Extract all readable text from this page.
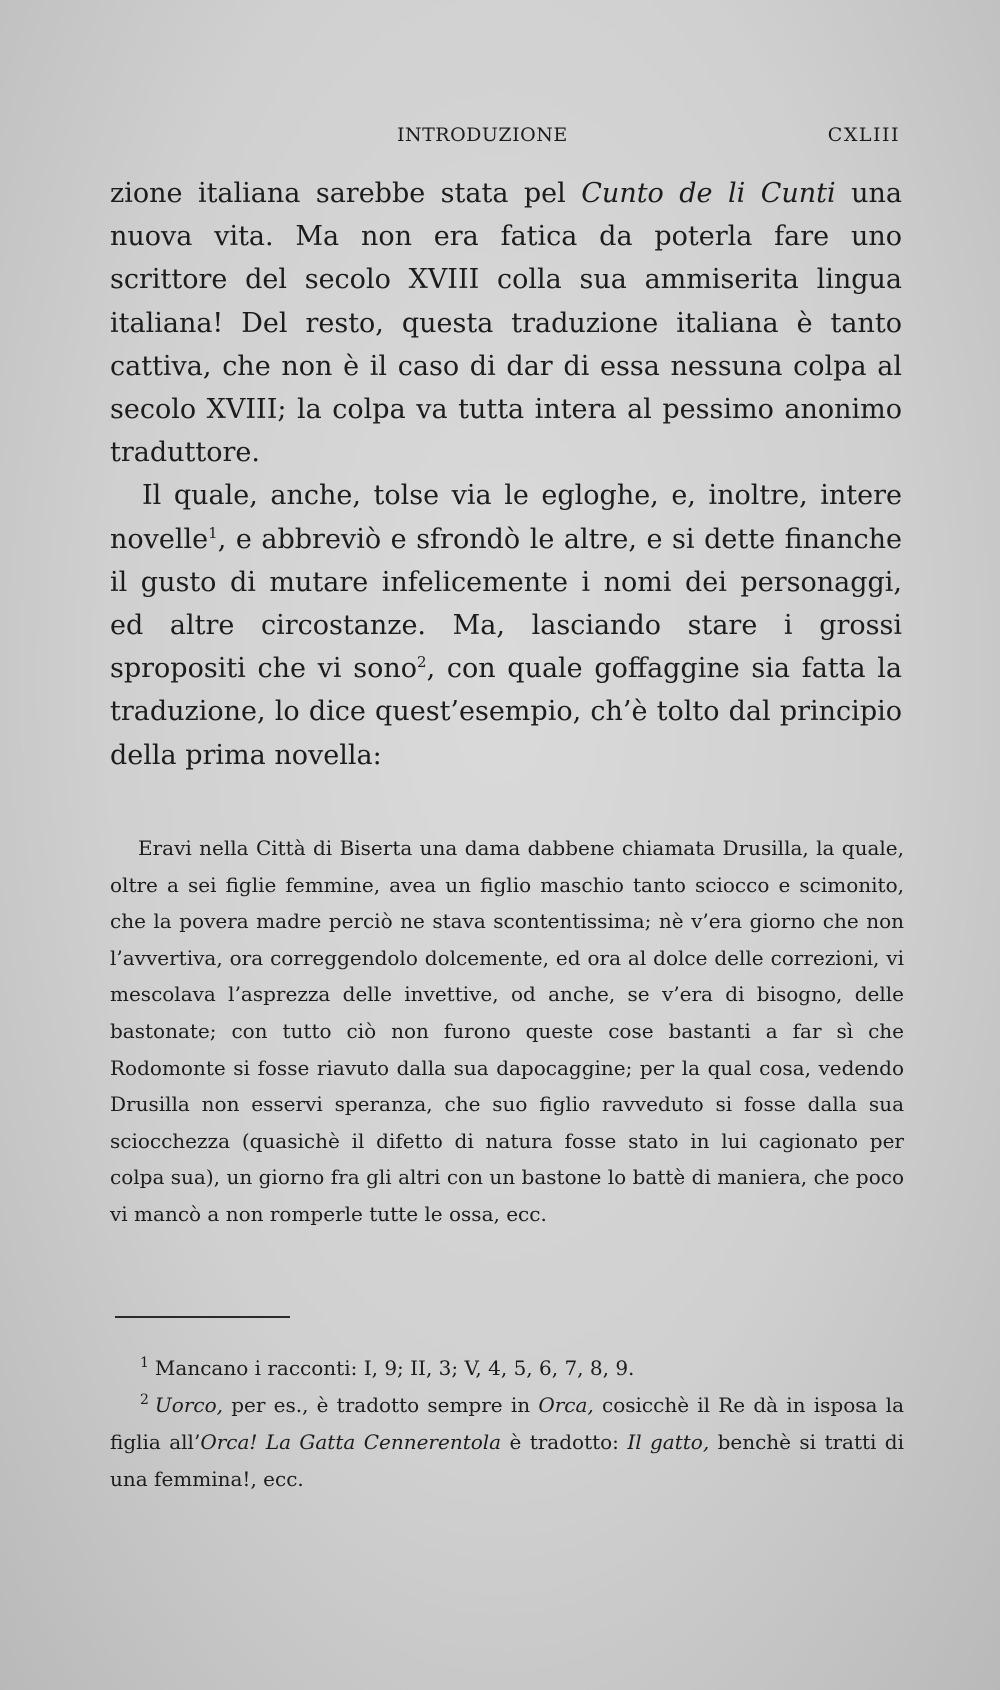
INTRODUZIONE	CXLIII

zione italiana sarebbe stata pel Cunto de li Cunti una nuova vita. Ma non era fatica da poterla fare uno scrittore del secolo XVIII colla sua ammiserita lingua italiana! Del resto, questa traduzione italiana è tanto cattiva, che non è il caso di dar di essa nessuna colpa al secolo XVIII; la colpa va tutta intera al pessimo anonimo traduttore.

Il quale, anche, tolse via le egloghe, e, inoltre, intere novelle$^1$, e abbreviò e sfrondò le altre, e si dette finanche il gusto di mutare infelicemente i nomi dei personaggi, ed altre circostanze. Ma, lasciando stare i grossi spropositi che vi sono$^2$, con quale goffaggine sia fatta la traduzione, lo dice quest’esempio, ch’è tolto dal principio della prima novella:

Eravi nella Città di Biserta una dama dabbene chiamata Drusilla, la quale, oltre a sei figlie femmine, avea un figlio maschio tanto sciocco e scimonito, che la povera madre perciò ne stava scontentissima; nè v’era giorno che non l’avvertiva, ora correggendolo dolcemente, ed ora al dolce delle correzioni, vi mescolava l’asprezza delle invettive, od anche, se v’era di bisogno, delle bastonate; con tutto ciò non furono queste cose bastanti a far sì che Rodomonte si fosse riavuto dalla sua dapocaggine; per la qual cosa, vedendo Drusilla non esservi speranza, che suo figlio ravveduto si fosse dalla sua sciocchezza (quasichè il difetto di natura fosse stato in lui cagionato per colpa sua), un giorno fra gli altri con un bastone lo battè di maniera, che poco vi mancò a non romperle tutte le ossa, ecc.

$^1$ Mancano i racconti: I, 9; II, 3; V, 4, 5, 6, 7, 8, 9.

$^2$ Uorco, per es., è tradotto sempre in Orca, cosicchè il Re dà in isposa la figlia all’Orca! La Gatta Cennerentola è tradotto: Il gatto, benchè si tratti di una femmina!, ecc.
